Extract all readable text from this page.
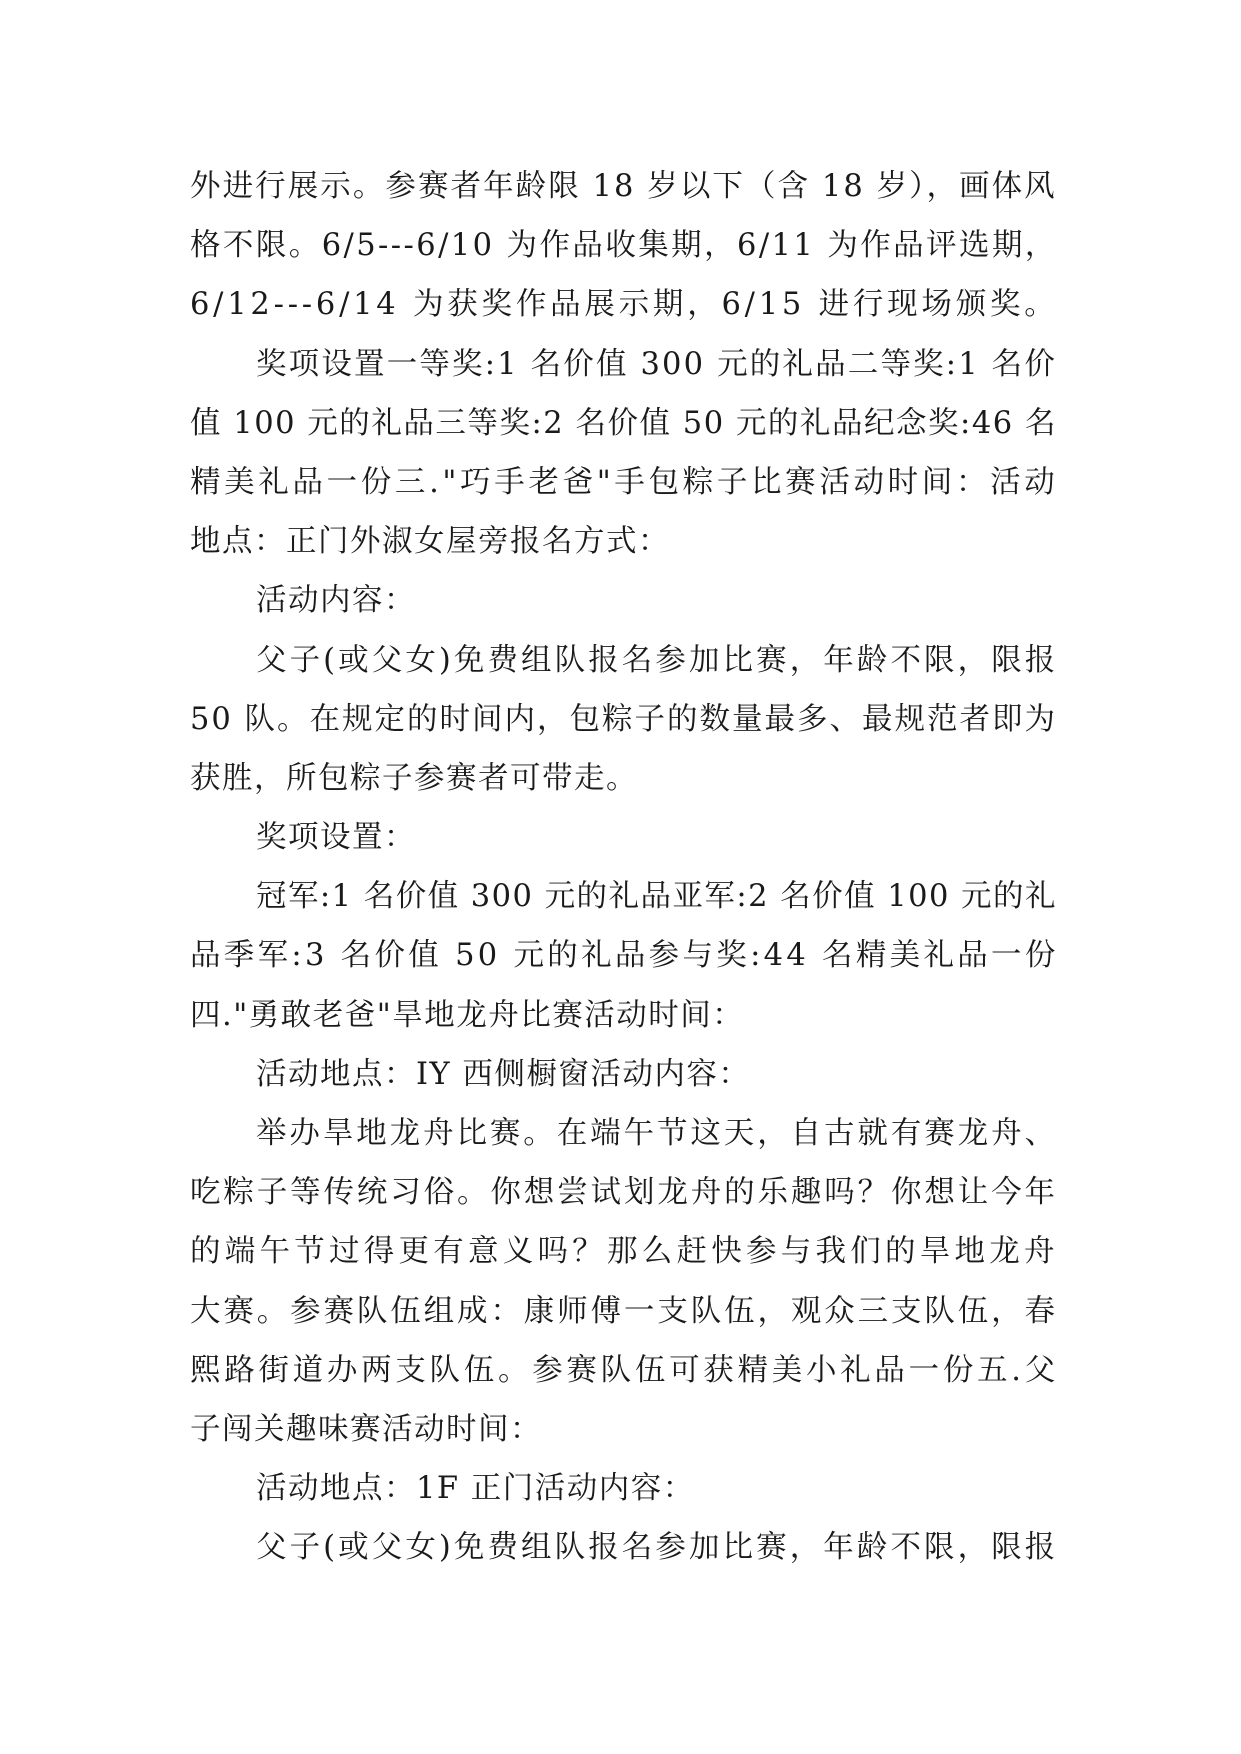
外进行展示。参赛者年龄限 18 岁以下（含 18 岁），画体风
格不限。6/5---6/10 为作品收集期，6/11 为作品评选期，
6/12---6/14 为获奖作品展示期，6/15 进行现场颁奖。
奖项设置一等奖:1 名价值 300 元的礼品二等奖:1 名价
值 100 元的礼品三等奖:2 名价值 50 元的礼品纪念奖:46 名
精美礼品一份三."巧手老爸"手包粽子比赛活动时间：活动
地点：正门外淑女屋旁报名方式：
活动内容：
父子(或父女)免费组队报名参加比赛，年龄不限，限报
50 队。在规定的时间内，包粽子的数量最多、最规范者即为
获胜，所包粽子参赛者可带走。
奖项设置：
冠军:1 名价值 300 元的礼品亚军:2 名价值 100 元的礼
品季军:3 名价值 50 元的礼品参与奖:44 名精美礼品一份
四."勇敢老爸"旱地龙舟比赛活动时间：
活动地点：IY 西侧橱窗活动内容：
举办旱地龙舟比赛。在端午节这天，自古就有赛龙舟、
吃粽子等传统习俗。你想尝试划龙舟的乐趣吗？你想让今年
的端午节过得更有意义吗？那么赶快参与我们的旱地龙舟
大赛。参赛队伍组成：康师傅一支队伍，观众三支队伍，春
熙路街道办两支队伍。参赛队伍可获精美小礼品一份五.父
子闯关趣味赛活动时间：
活动地点：1F 正门活动内容：
父子(或父女)免费组队报名参加比赛，年龄不限，限报
